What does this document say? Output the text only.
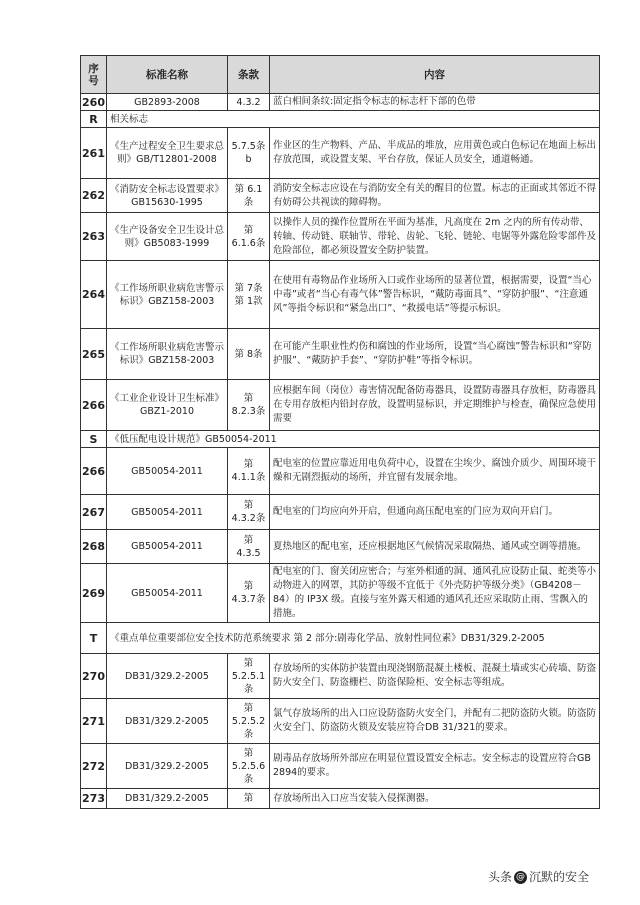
序号	标准名称	条款	内容
260	GB2893-2008	4.3.2	蓝白相间条纹:固定指令标志的标志杆下部的色带
R	相关标志		
261	《生产过程安全卫生要求总则》GB/T12801-2008	5.7.5条 b	作业区的生产物料、产品、半成品的堆放，应用黄色或白色标记在地面上标出存放范围，或设置支架、平台存放，保证人员安全，通道畅通。
262	《消防安全标志设置要求》GB15630-1995	第 6.1条	消防安全标志应设在与消防安全有关的醒目的位置。标志的正面或其邻近不得有妨碍公共视读的障碍物。
263	《生产设备安全卫生设计总则》GB5083-1999	第 6.1.6条	以操作人员的操作位置所在平面为基准，凡高度在 2m 之内的所有传动带、转轴、传动链、联轴节、带轮、齿轮、飞轮、链轮、电锯等外露危险零部件及危险部位，都必须设置安全防护装置。
264	《工作场所职业病危害警示标识》GBZ158-2003	第 7条第 1款	在使用有毒物品作业场所入口或作业场所的显著位置，根据需要，设置“当心中毒”或者“当心有毒气体”警告标识，“戴防毒面具”、“穿防护服”、“注意通风”等指令标识和“紧急出口”、“救援电话”等提示标识。
265	《工作场所职业病危害警示标识》GBZ158-2003	第 8条	在可能产生职业性灼伤和腐蚀的作业场所，设置“当心腐蚀”警告标识和“穿防护服”、“戴防护手套”、“穿防护鞋”等指令标识。
266	《工业企业设计卫生标准》GBZ1-2010	第 8.2.3条	应根据车间（岗位）毒害情况配备防毒器具，设置防毒器具存放柜，防毒器具在专用存放柜内铅封存放，设置明显标识，并定期维护与检查，确保应急使用需要
S	《低压配电设计规范》GB50054-2011		
266	GB50054-2011	第 4.1.1条	配电室的位置应靠近用电负荷中心，设置在尘埃少、腐蚀介质少、周围环境干燥和无剧烈振动的场所，并宜留有发展余地。
267	GB50054-2011	第 4.3.2条	配电室的门均应向外开启，但通向高压配电室的门应为双向开启门。
268	GB50054-2011	第 4.3.5	夏热地区的配电室，还应根据地区气候情况采取隔热、通风或空调等措施。
269	GB50054-2011	第 4.3.7条	配电室的门、窗关闭应密合；与室外相通的洞、通风孔应设防止鼠、蛇类等小动物进入的网罩，其防护等级不宜低于《外壳防护等级分类》（GB4208－84）的 IP3X 级。直接与室外露天相通的通风孔还应采取防止雨、雪飘入的措施。
T	《重点单位重要部位安全技术防范系统要求 第 2 部分:剧毒化学品、放射性同位素》DB31/329.2-2005		
270	DB31/329.2-2005	第 5.2.5.1条	存放场所的实体防护装置由现浇钢筋混凝土楼板、混凝土墙或实心砖墙、防盗防火安全门、防盗栅栏、防盗保险柜、安全标志等组成。
271	DB31/329.2-2005	第 5.2.5.2条	氯气存放场所的出入口应设防盗防火安全门，并配有二把防盗防火锁。防盗防火安全门、防盗防火锁及安装应符合DB 31/321的要求。
272	DB31/329.2-2005	第 5.2.5.6条	剧毒品存放场所外部应在明显位置设置安全标志。安全标志的设置应符合GB 2894的要求。
273	DB31/329.2-2005	第	存放场所出入口应当安装入侵探测器。
头条 @ 沉默的安全
